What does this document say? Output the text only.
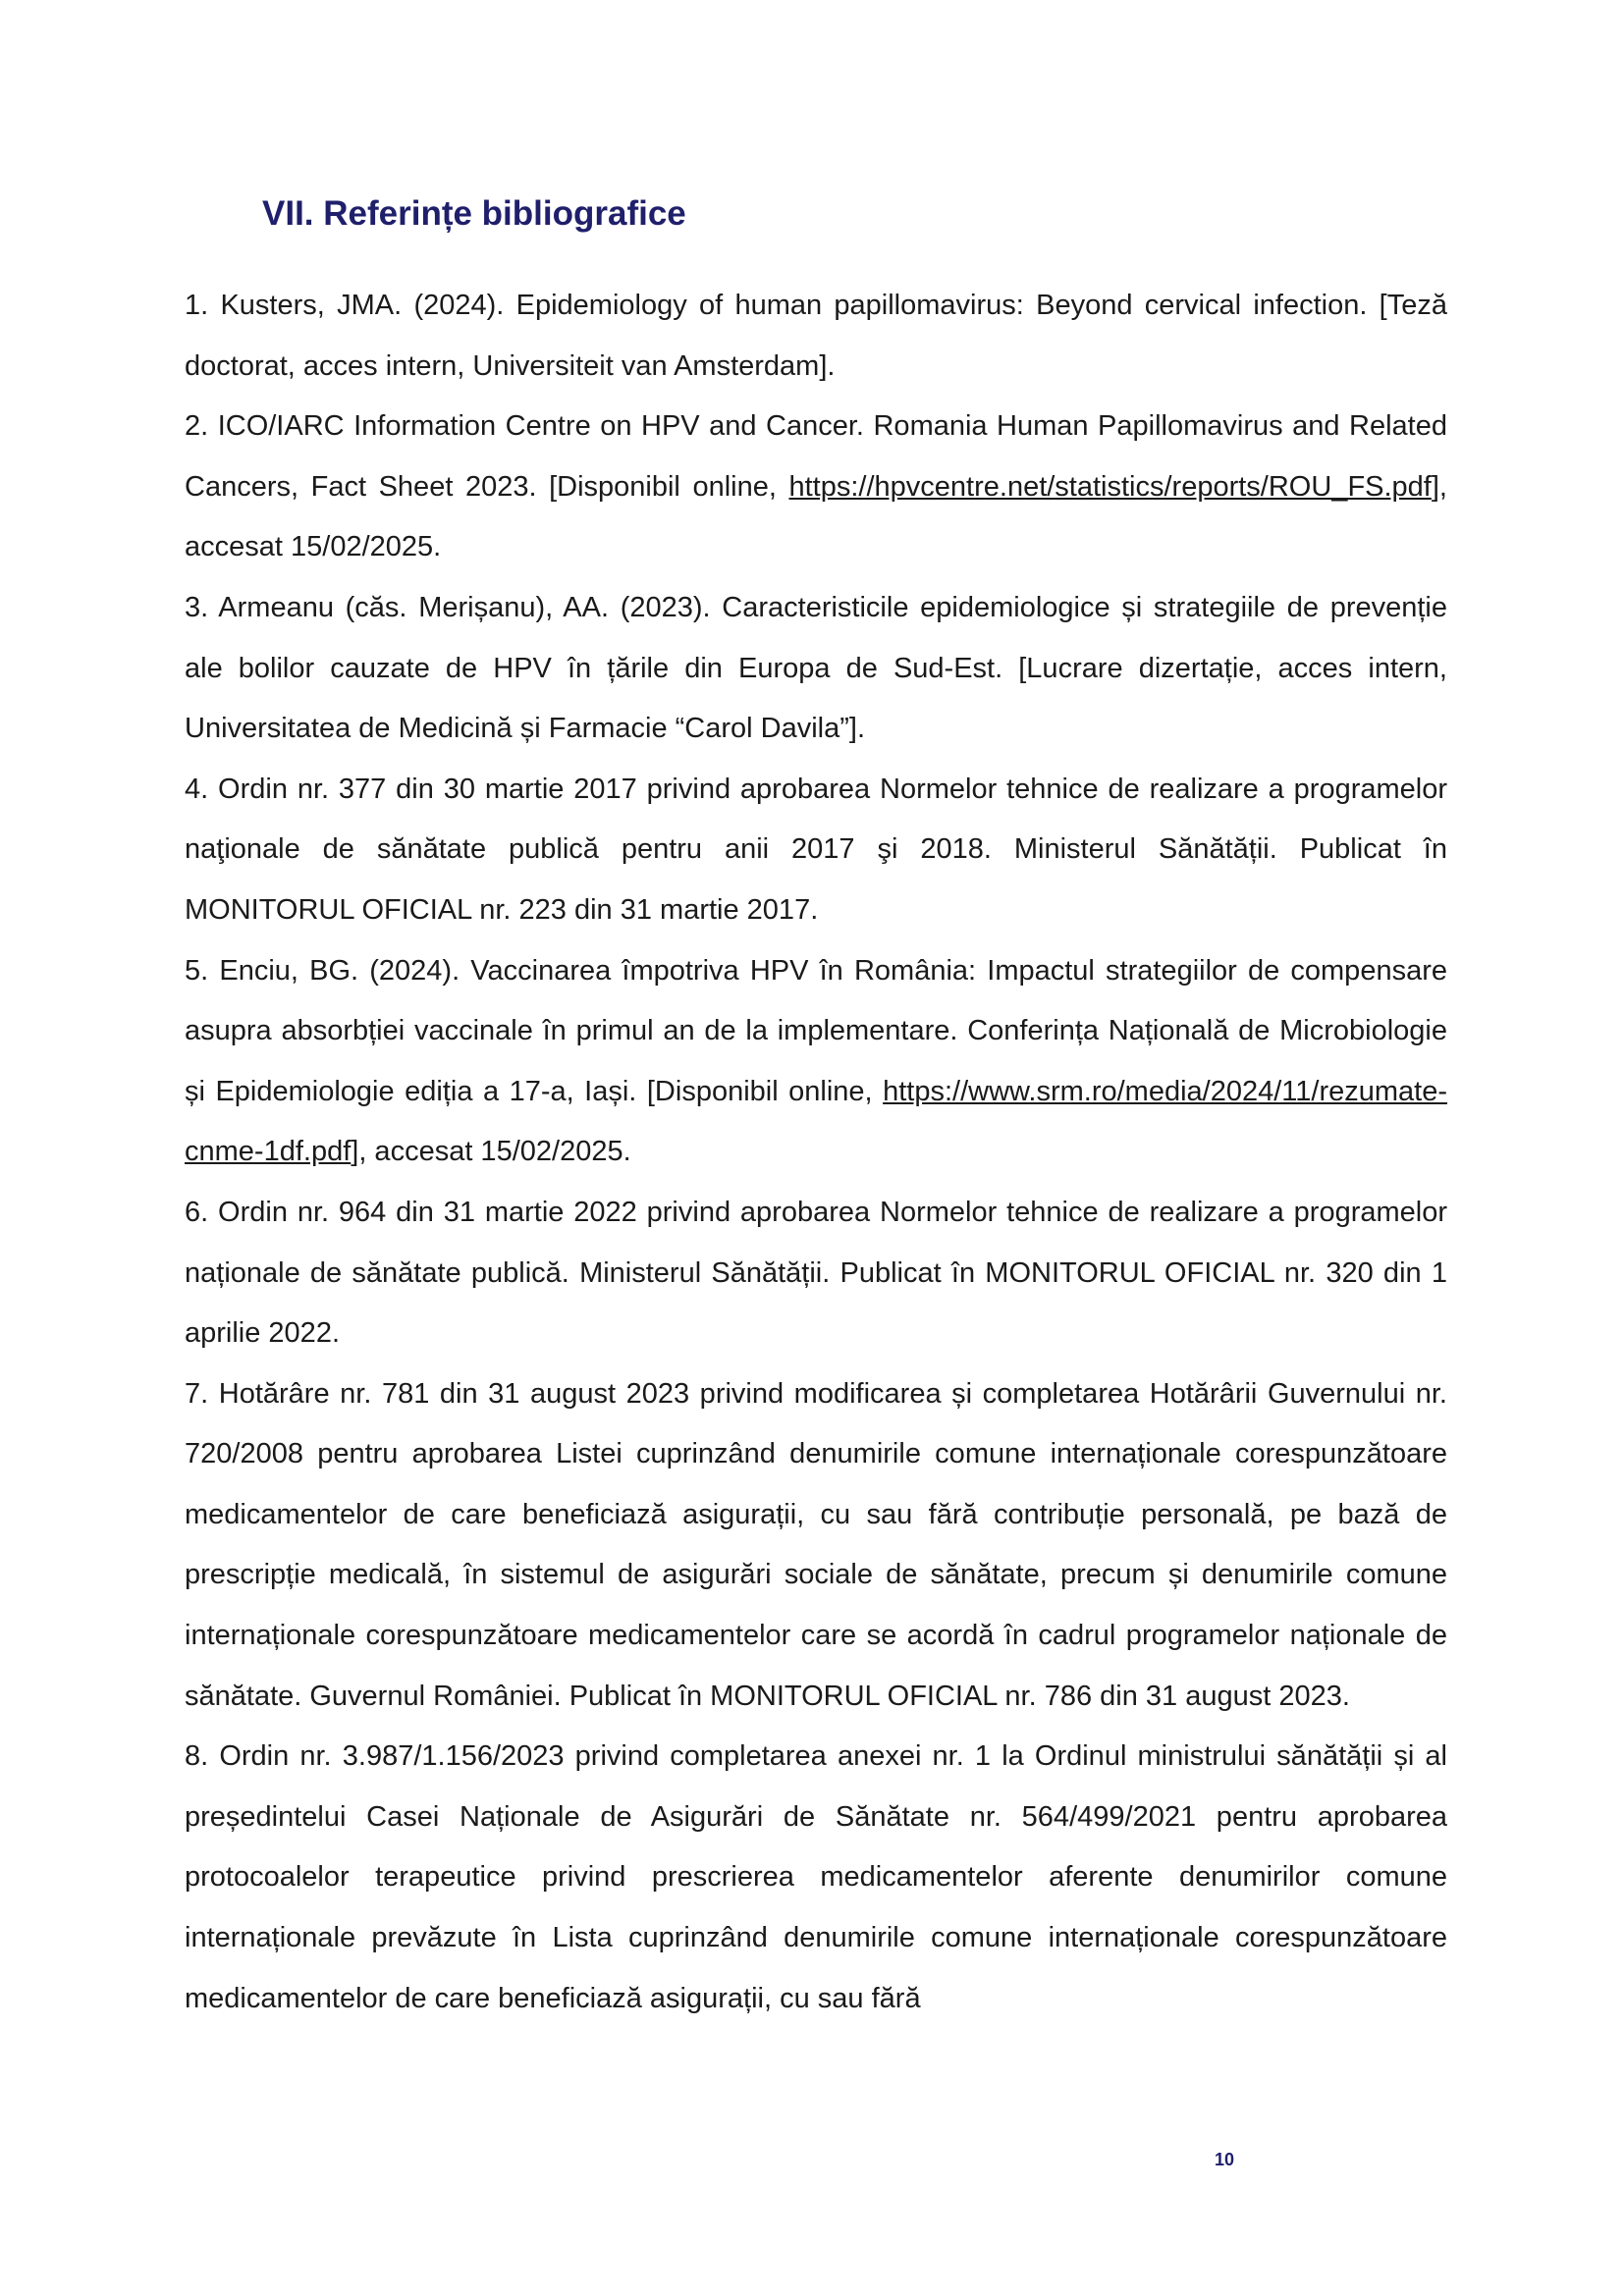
VII. Referințe bibliografice
1. Kusters, JMA. (2024). Epidemiology of human papillomavirus: Beyond cervical infection. [Teză doctorat, acces intern, Universiteit van Amsterdam].
2. ICO/IARC Information Centre on HPV and Cancer. Romania Human Papillomavirus and Related Cancers, Fact Sheet 2023. [Disponibil online, https://hpvcentre.net/statistics/reports/ROU_FS.pdf], accesat 15/02/2025.
3. Armeanu (căs. Merișanu), AA. (2023). Caracteristicile epidemiologice și strategiile de prevenție ale bolilor cauzate de HPV în țările din Europa de Sud-Est. [Lucrare dizertație, acces intern, Universitatea de Medicină și Farmacie “Carol Davila”].
4. Ordin nr. 377 din 30 martie 2017 privind aprobarea Normelor tehnice de realizare a programelor naţionale de sănătate publică pentru anii 2017 şi 2018. Ministerul Sănătății. Publicat în MONITORUL OFICIAL nr. 223 din 31 martie 2017.
5. Enciu, BG. (2024). Vaccinarea împotriva HPV în România: Impactul strategiilor de compensare asupra absorbției vaccinale în primul an de la implementare. Conferința Națională de Microbiologie și Epidemiologie ediția a 17-a, Iași. [Disponibil online, https://www.srm.ro/media/2024/11/rezumate-cnme-1df.pdf], accesat 15/02/2025.
6. Ordin nr. 964 din 31 martie 2022 privind aprobarea Normelor tehnice de realizare a programelor naționale de sănătate publică. Ministerul Sănătății. Publicat în MONITORUL OFICIAL nr. 320 din 1 aprilie 2022.
7. Hotărâre nr. 781 din 31 august 2023 privind modificarea și completarea Hotărârii Guvernului nr. 720/2008 pentru aprobarea Listei cuprinzând denumirile comune internaționale corespunzătoare medicamentelor de care beneficiază asigurații, cu sau fără contribuție personală, pe bază de prescripție medicală, în sistemul de asigurări sociale de sănătate, precum și denumirile comune internaționale corespunzătoare medicamentelor care se acordă în cadrul programelor naționale de sănătate. Guvernul României. Publicat în MONITORUL OFICIAL nr. 786 din 31 august 2023.
8. Ordin nr. 3.987/1.156/2023 privind completarea anexei nr. 1 la Ordinul ministrului sănătății și al președintelui Casei Naționale de Asigurări de Sănătate nr. 564/499/2021 pentru aprobarea protocoalelor terapeutice privind prescrierea medicamentelor aferente denumirilor comune internaționale prevăzute în Lista cuprinzând denumirile comune internaționale corespunzătoare medicamentelor de care beneficiază asigurații, cu sau fără
10
